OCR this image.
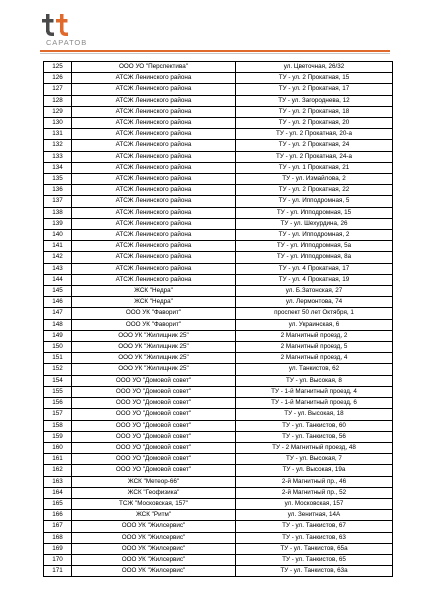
САРАТОВ
125	ООО УО "Перспектива"	ул. Цветочная, 26/32
126	АТСЖ Ленинского района	ТУ - ул. 2 Прокатная, 15
127	АТСЖ Ленинского района	ТУ - ул. 2 Прокатная, 17
128	АТСЖ Ленинского района	ТУ - ул. Загороднева, 12
129	АТСЖ Ленинского района	ТУ - ул. 2 Прокатная, 18
130	АТСЖ Ленинского района	ТУ - ул. 2 Прокатная, 20
131	АТСЖ Ленинского района	ТУ - ул. 2 Прокатная, 20-а
132	АТСЖ Ленинского района	ТУ - ул. 2 Прокатная, 24
133	АТСЖ Ленинского района	ТУ - ул. 2 Прокатная, 24-а
134	АТСЖ Ленинского района	ТУ - ул. 1 Прокатная, 21
135	АТСЖ Ленинского района	ТУ - ул. Измайлова, 2
136	АТСЖ Ленинского района	ТУ - ул. 2 Прокатная, 22
137	АТСЖ Ленинского района	ТУ - ул. Ипподромная, 5
138	АТСЖ Ленинского района	ТУ - ул. Ипподромная, 15
139	АТСЖ Ленинского района	ТУ - ул. Шехурдина, 26
140	АТСЖ Ленинского района	ТУ - ул. Ипподромная, 2
141	АТСЖ Ленинского района	ТУ - ул. Ипподромная, 5а
142	АТСЖ Ленинского района	ТУ - ул. Ипподромная, 8а
143	АТСЖ Ленинского района	ТУ - ул. 4 Прокатная, 17
144	АТСЖ Ленинского района	ТУ - ул. 4 Прокатная, 19
145	ЖСК "Недра"	ул. Б.Затонская, 27
146	ЖСК "Недра"	ул. Лермонтова, 74
147	ООО УК "Фаворит"	проспект 50 лет Октября, 1
148	ООО УК "Фаворит"	ул. Украинская, 6
149	ООО УК "Жилищник 25"	2 Магнитный проезд, 2
150	ООО УК "Жилищник 25"	2 Магнитный проезд, 5
151	ООО УК "Жилищник 25"	2 Магнитный проезд, 4
152	ООО УК "Жилищник 25"	ул. Танкистов, 62
154	ООО УО "Домовой совет"	ТУ - ул. Высокая, 8
155	ООО УО "Домовой совет"	ТУ - 1-й Магнитный проезд, 4
156	ООО УО "Домовой совет"	ТУ - 1-й Магнитный проезд, 6
157	ООО УО "Домовой совет"	ТУ - ул. Высокая, 18
158	ООО УО "Домовой совет"	ТУ - ул. Танкистов, 60
159	ООО УО "Домовой совет"	ТУ - ул. Танкистов, 56
160	ООО УО "Домовой совет"	ТУ - 2 Магнитный проезд, 48
161	ООО УО "Домовой совет"	ТУ - ул. Высокая, 7
162	ООО УО "Домовой совет"	ТУ - ул. Высокая, 19а
163	ЖСК "Метеор-66"	2-й Магнитный пр., 46
164	ЖСК "Геофизика"	2-й Магнитный пр., 52
165	ТСЖ "Московская, 157"	ул. Московская, 157
166	ЖСК "Ритм"	ул. Зенитная, 14А
167	ООО УК "Жилсервис"	ТУ - ул. Танкистов, 67
168	ООО УК "Жилсервис"	ТУ - ул. Танкистов, 63
169	ООО УК "Жилсервис"	ТУ - ул. Танкистов, 65а
170	ООО УК "Жилсервис"	ТУ - ул. Танкистов, 65
171	ООО УК "Жилсервис"	ТУ - ул. Танкистов, 63а
